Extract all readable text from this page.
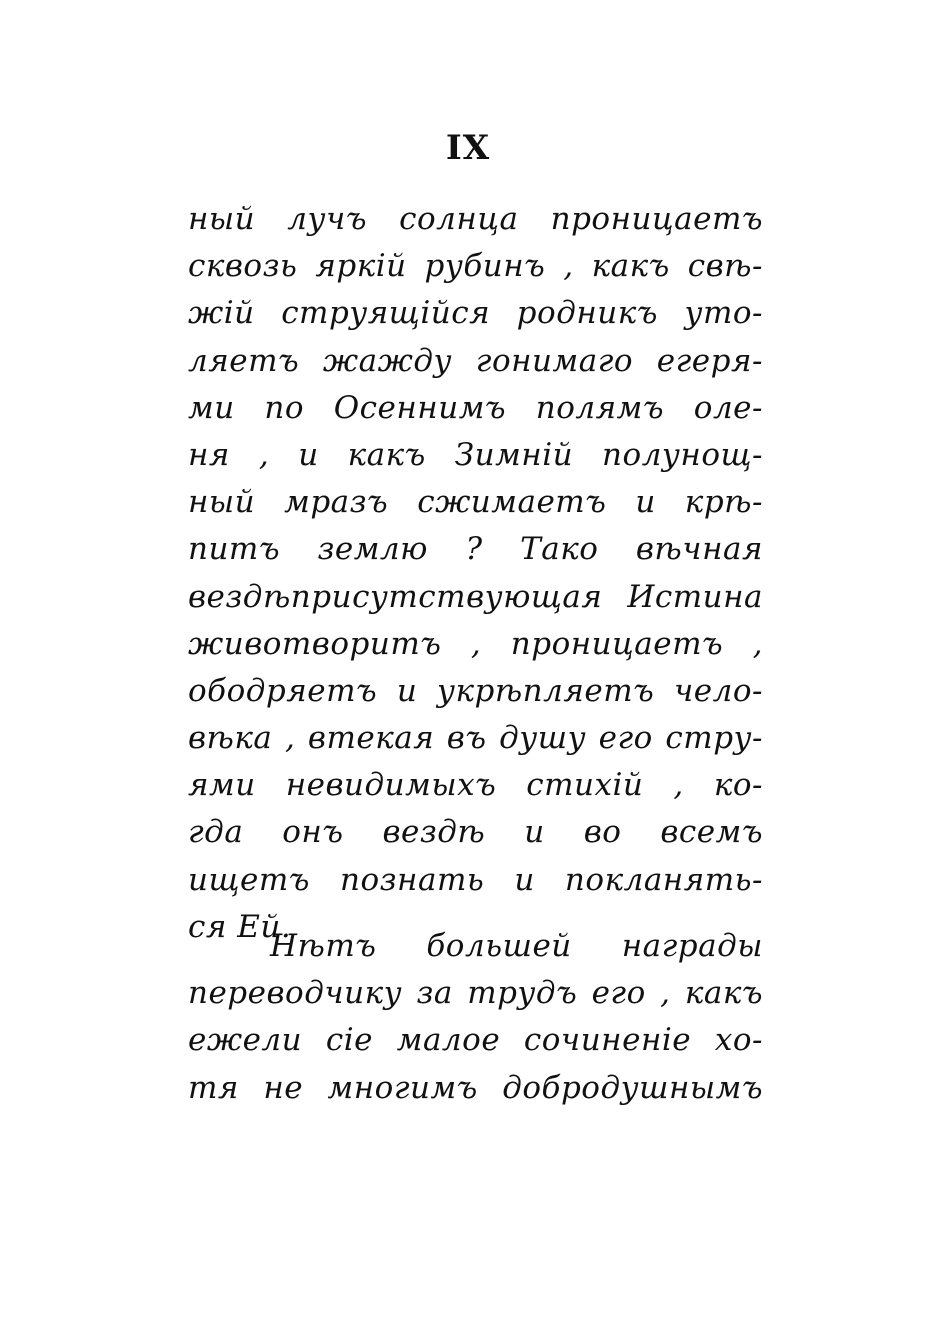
IX
ный лучъ солнца проницаетъ
сквозь яркій рубинъ , какъ свѣ-
жій струящійся родникъ уто-
ляетъ жажду гонимаго егеря-
ми по Осеннимъ полямъ оле-
ня , и какъ Зимній полунощ-
ный мразъ сжимаетъ и крѣ-
питъ землю ? Тако вѣчная
вездѣприсутствующая Истина
животворитъ , проницаетъ ,
ободряетъ и укрѣпляетъ чело-
вѣка , втекая въ душу его стру-
ями невидимыхъ стихій , ко-
гда онъ вездѣ и во всемъ
ищетъ познать и покланять-
ся Ей.
Нѣтъ большей награды
переводчику за трудъ его , какъ
ежели сіе малое сочиненіе хо-
тя не многимъ добродушнымъ
